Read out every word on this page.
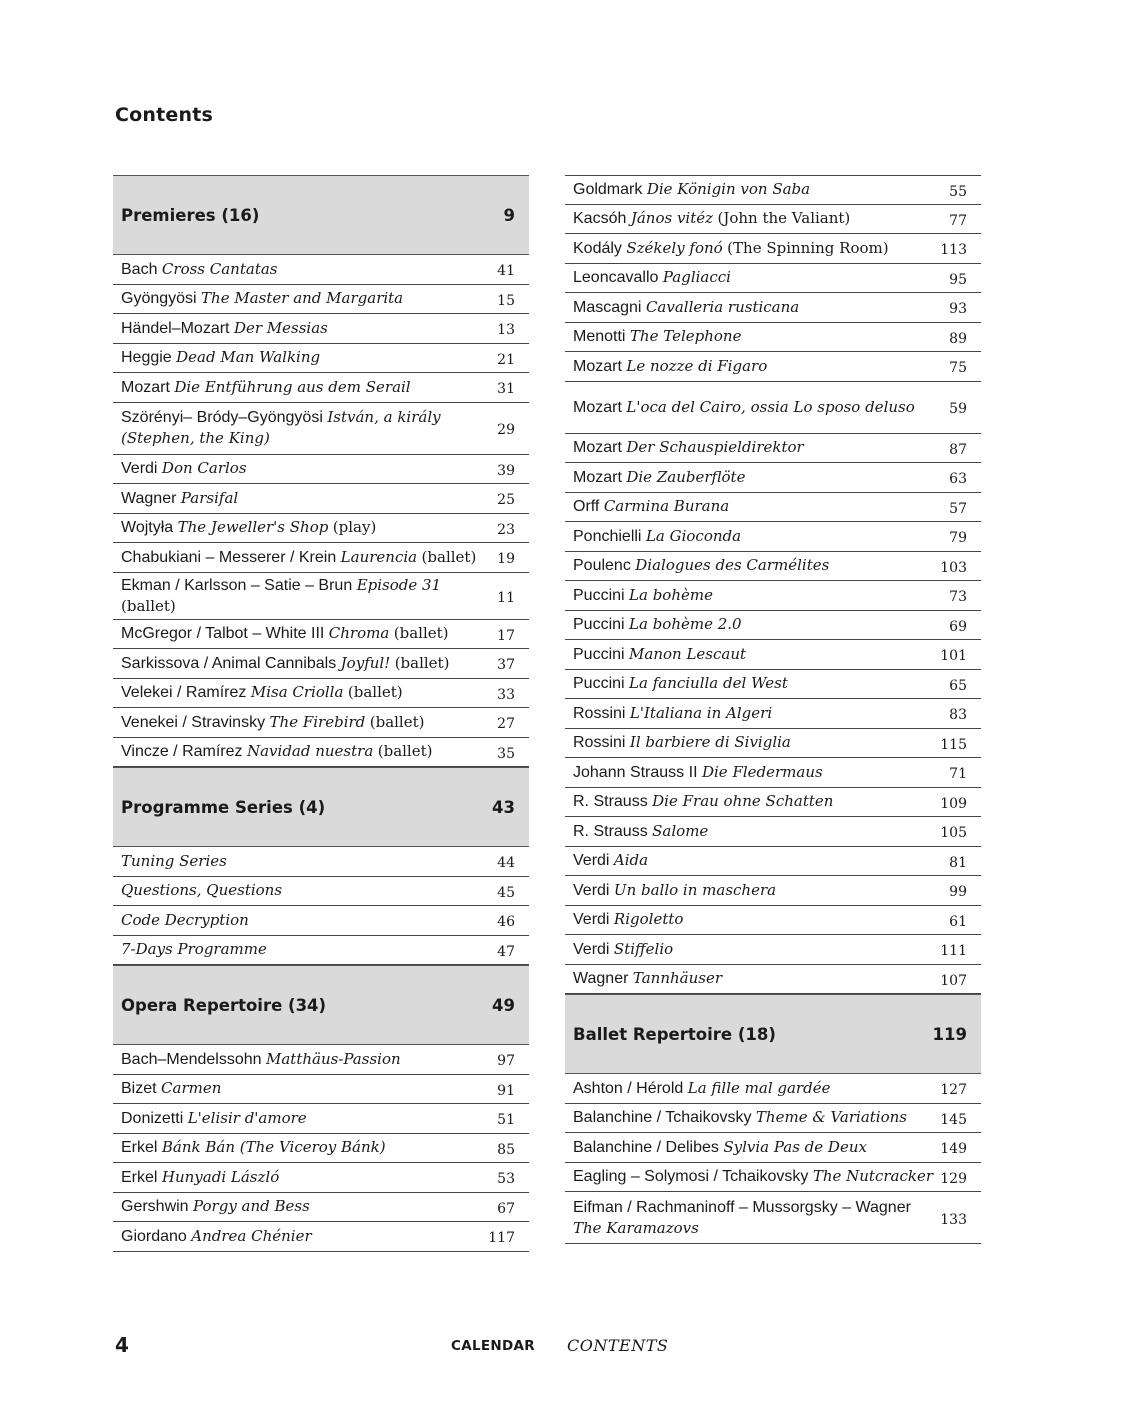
Contents
Premieres (16)	9
Bach Cross Cantatas	41
Gyöngyösi The Master and Margarita	15
Händel–Mozart Der Messias	13
Heggie Dead Man Walking	21
Mozart Die Entführung aus dem Serail	31
Szörényi– Bródy–Gyöngyösi István, a király (Stephen, the King)	29
Verdi Don Carlos	39
Wagner Parsifal	25
Wojtyła The Jeweller's Shop (play)	23
Chabukiani – Messerer / Krein Laurencia (ballet) 19
Ekman / Karlsson – Satie – Brun Episode 31 (ballet)	11
McGregor / Talbot – White III Chroma (ballet)	17
Sarkissova / Animal Cannibals Joyful! (ballet)	37
Velekei / Ramírez Misa Criolla (ballet)	33
Venekei / Stravinsky The Firebird (ballet)	27
Vincze / Ramírez Navidad nuestra (ballet)	35
Programme Series (4)	43
Tuning Series	44
Questions, Questions	45
Code Decryption	46
7-Days Programme	47
Opera Repertoire (34)	49
Bach–Mendelssohn Matthäus-Passion	97
Bizet Carmen	91
Donizetti L'elisir d'amore	51
Erkel Bánk Bán (The Viceroy Bánk)	85
Erkel Hunyadi László	53
Gershwin Porgy and Bess	67
Giordano Andrea Chénier	117
Goldmark Die Königin von Saba	55
Kacsóh János vitéz (John the Valiant)	77
Kodály Székely fonó (The Spinning Room)	113
Leoncavallo Pagliacci	95
Mascagni Cavalleria rusticana	93
Menotti The Telephone	89
Mozart Le nozze di Figaro	75
Mozart L'oca del Cairo, ossia Lo sposo deluso 59
Mozart Der Schauspieldirektor	87
Mozart Die Zauberflöte	63
Orff Carmina Burana	57
Ponchielli La Gioconda	79
Poulenc Dialogues des Carmélites	103
Puccini La bohème	73
Puccini La bohème 2.0	69
Puccini Manon Lescaut	101
Puccini La fanciulla del West	65
Rossini L'Italiana in Algeri	83
Rossini Il barbiere di Siviglia	115
Johann Strauss II Die Fledermaus	71
R. Strauss Die Frau ohne Schatten	109
R. Strauss Salome	105
Verdi Aida	81
Verdi Un ballo in maschera	99
Verdi Rigoletto	61
Verdi Stiffelio	111
Wagner Tannhäuser	107
Ballet Repertoire (18)	119
Ashton / Hérold La fille mal gardée	127
Balanchine / Tchaikovsky Theme & Variations 145
Balanchine / Delibes Sylvia Pas de Deux	149
Eagling – Solymosi / Tchaikovsky The Nutcracker 129
Eifman / Rachmaninoff – Mussorgsky – Wagner The Karamazovs	133
4	CALENDAR CONTENTS
